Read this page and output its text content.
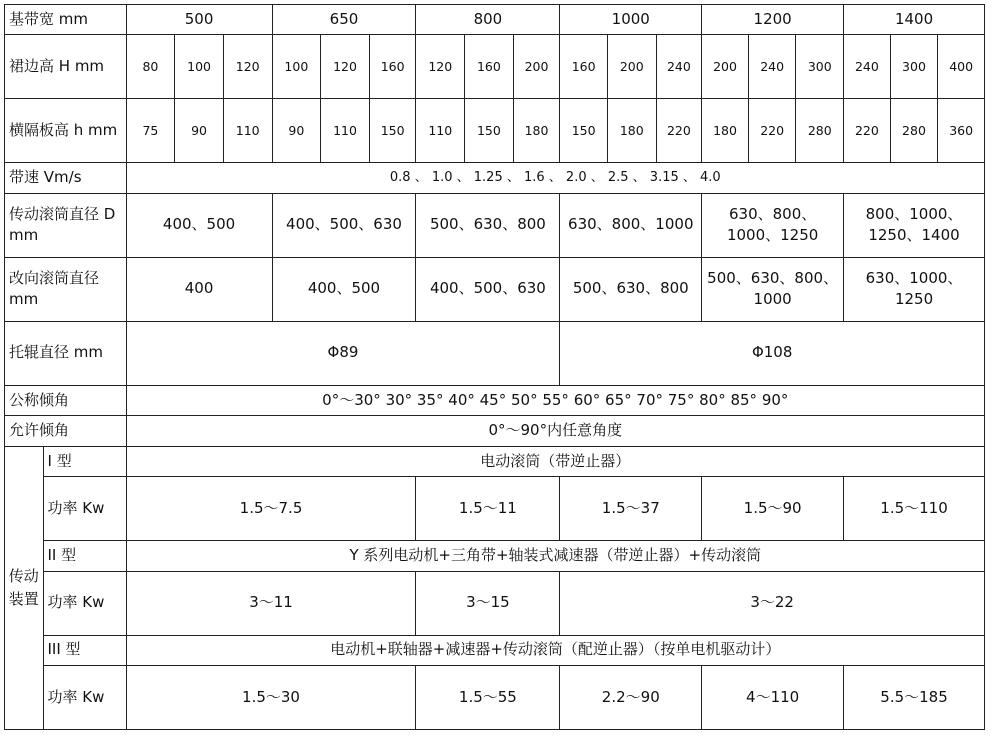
基带宽 mm		500			650			800			1000			1200			1400		
裙边高 H mm		80	100	120	100	120	160	120	160	200	160	200	240	200	240	300	240	300	400
横隔板高 h mm		75	90	110	90	110	150	110	150	180	150	180	220	180	220	280	220	280	360
带速 Vm/s		0.8 、 1.0 、 1.25 、 1.6 、 2.0 、 2.5 、 3.15 、 4.0																	
传动滚筒直径 D mm		400、500			400、500、630			500、630、800			630、800、1000			630、800、1000、1250			800、1000、1250、1400		
改向滚筒直径 mm		400			400、500			400、500、630			500、630、800			500、630、800、1000			630、1000、1250		
托辊直径 mm		Φ89									Φ108								
公称倾角		0°～30° 30° 35° 40° 45° 50° 55° 60° 65° 70° 75° 80° 85° 90°																	
允许倾角		0°～90°内任意角度																	
传动装置	I 型	电动滚筒（带逆止器）																	
	功率 Kw	1.5～7.5						1.5～11			1.5～37			1.5～90			1.5～110		
	II 型	Y 系列电动机+三角带+轴装式减速器（带逆止器）+传动滚筒																	
	功率 Kw	3～11						3～15			3～22								
	III 型	电动机+联轴器+减速器+传动滚筒（配逆止器）（按单电机驱动计）																	
	功率 Kw	1.5～30						1.5～55			2.2～90			4～110			5.5～185		
